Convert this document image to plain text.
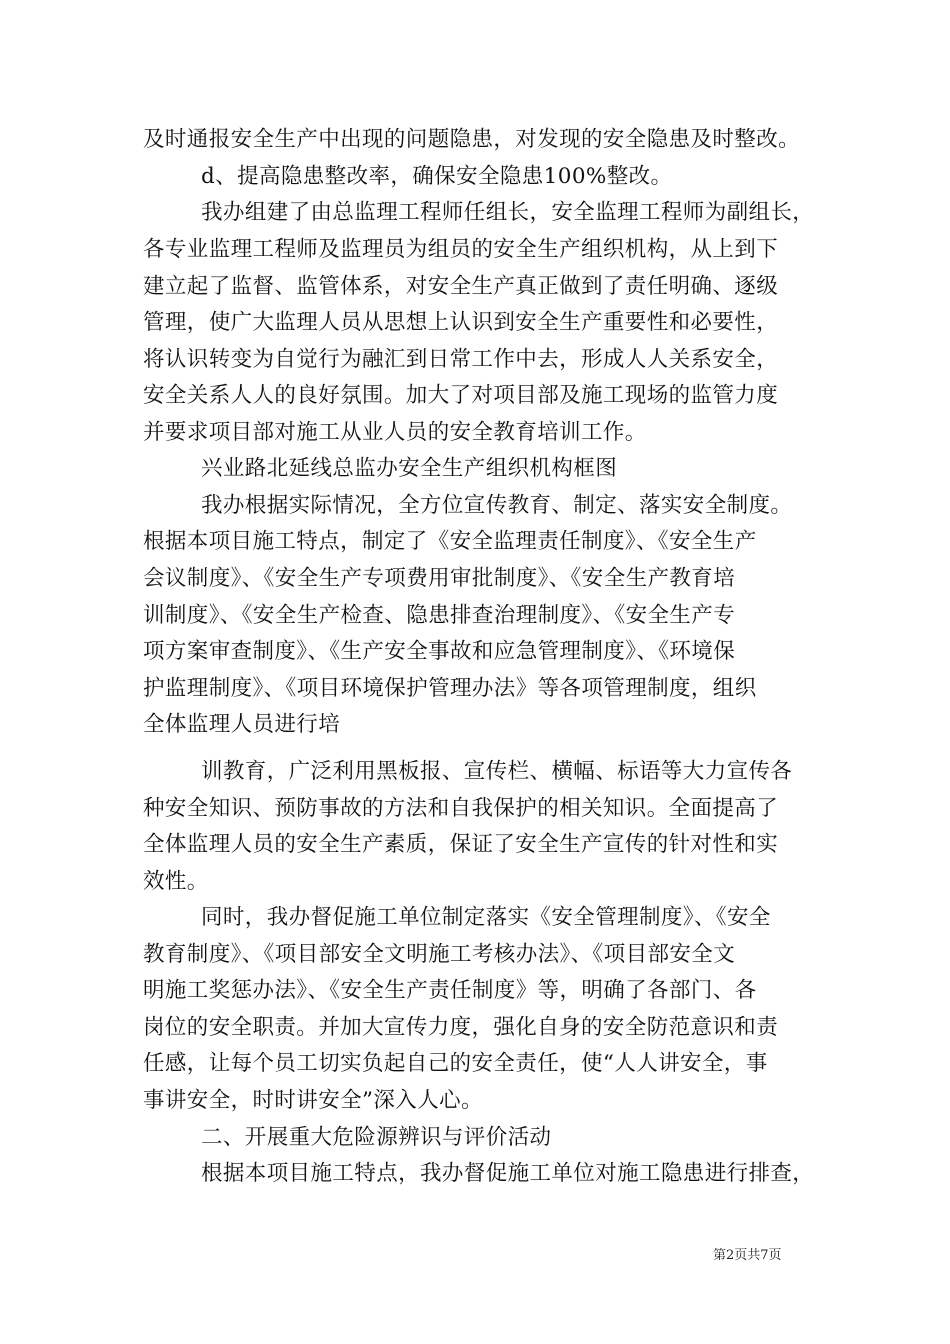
及时通报安全生产中出现的问题隐患，对发现的安全隐患及时整改。
d、提高隐患整改率，确保安全隐患100%整改。
我办组建了由总监理工程师任组长，安全监理工程师为副组长，
各专业监理工程师及监理员为组员的安全生产组织机构，从上到下
建立起了监督、监管体系，对安全生产真正做到了责任明确、逐级
管理，使广大监理人员从思想上认识到安全生产重要性和必要性，
将认识转变为自觉行为融汇到日常工作中去，形成人人关系安全，
安全关系人人的良好氛围。加大了对项目部及施工现场的监管力度
并要求项目部对施工从业人员的安全教育培训工作。
兴业路北延线总监办安全生产组织机构框图
我办根据实际情况，全方位宣传教育、制定、落实安全制度。
根据本项目施工特点，制定了《安全监理责任制度》、《安全生产
会议制度》、《安全生产专项费用审批制度》、《安全生产教育培
训制度》、《安全生产检查、隐患排查治理制度》、《安全生产专
项方案审查制度》、《生产安全事故和应急管理制度》、《环境保
护监理制度》、《项目环境保护管理办法》等各项管理制度，组织
全体监理人员进行培
训教育，广泛利用黑板报、宣传栏、横幅、标语等大力宣传各
种安全知识、预防事故的方法和自我保护的相关知识。全面提高了
全体监理人员的安全生产素质，保证了安全生产宣传的针对性和实
效性。
同时，我办督促施工单位制定落实《安全管理制度》、《安全
教育制度》、《项目部安全文明施工考核办法》、《项目部安全文
明施工奖惩办法》、《安全生产责任制度》等，明确了各部门、各
岗位的安全职责。并加大宣传力度，强化自身的安全防范意识和责
任感，让每个员工切实负起自己的安全责任，使“人人讲安全，事
事讲安全，时时讲安全”深入人心。
二、开展重大危险源辨识与评价活动
根据本项目施工特点，我办督促施工单位对施工隐患进行排查，
第2页共7页
